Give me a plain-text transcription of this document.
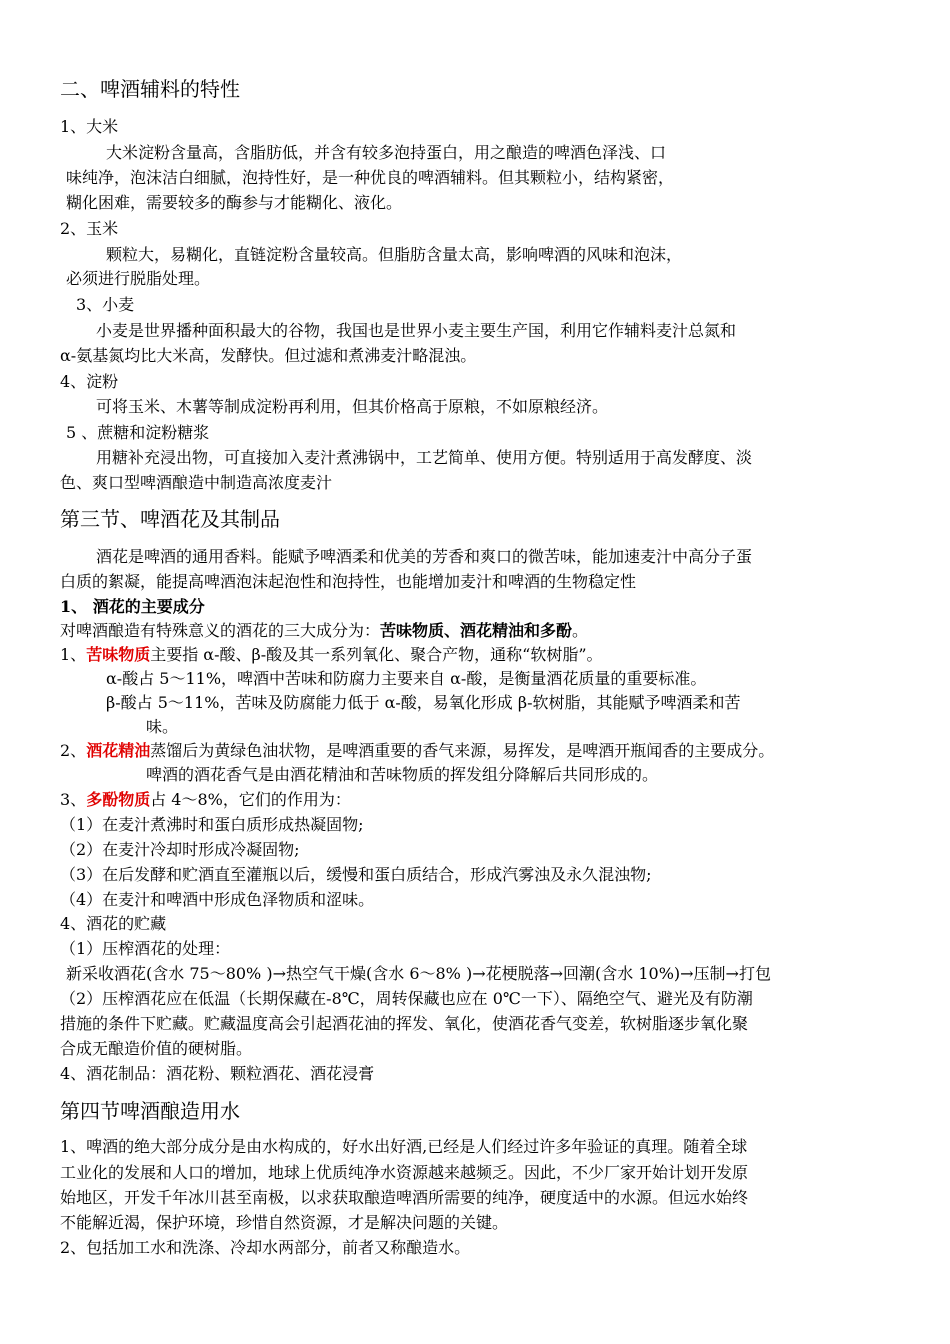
二、啤酒辅料的特性
1、大米
大米淀粉含量高，含脂肪低，并含有较多泡持蛋白，用之酿造的啤酒色泽浅、口
味纯净，泡沫洁白细腻，泡持性好，是一种优良的啤酒辅料。但其颗粒小，结构紧密，
糊化困难，需要较多的酶参与才能糊化、液化。
2、玉米
颗粒大，易糊化，直链淀粉含量较高。但脂肪含量太高，影响啤酒的风味和泡沫，
必须进行脱脂处理。
3、小麦
小麦是世界播种面积最大的谷物，我国也是世界小麦主要生产国，利用它作辅料麦汁总氮和
α-氨基氮均比大米高，发酵快。但过滤和煮沸麦汁略混浊。
4、淀粉
可将玉米、木薯等制成淀粉再利用，但其价格高于原粮，不如原粮经济。
5 、蔗糖和淀粉糖浆
用糖补充浸出物，可直接加入麦汁煮沸锅中，工艺简单、使用方便。特别适用于高发酵度、淡
色、爽口型啤酒酿造中制造高浓度麦汁
第三节、啤酒花及其制品
酒花是啤酒的通用香料。能赋予啤酒柔和优美的芳香和爽口的微苦味，能加速麦汁中高分子蛋
白质的絮凝，能提高啤酒泡沫起泡性和泡持性，也能增加麦汁和啤酒的生物稳定性
1、 酒花的主要成分
对啤酒酿造有特殊意义的酒花的三大成分为：苦味物质、酒花精油和多酚。
1、苦味物质主要指 α-酸、β-酸及其一系列氧化、聚合产物，通称“软树脂”。
α-酸占 5～11%，啤酒中苦味和防腐力主要来自 α-酸，是衡量酒花质量的重要标准。
β-酸占 5～11%，苦味及防腐能力低于 α-酸，易氧化形成 β-软树脂，其能赋予啤酒柔和苦
味。
2、酒花精油蒸馏后为黄绿色油状物，是啤酒重要的香气来源，易挥发，是啤酒开瓶闻香的主要成分。
啤酒的酒花香气是由酒花精油和苦味物质的挥发组分降解后共同形成的。
3、多酚物质占 4～8%，它们的作用为：
（1）在麦汁煮沸时和蛋白质形成热凝固物;
（2）在麦汁冷却时形成冷凝固物;
（3）在后发酵和贮酒直至灌瓶以后，缓慢和蛋白质结合，形成汽雾浊及永久混浊物;
（4）在麦汁和啤酒中形成色泽物质和涩味。
4、酒花的贮藏
（1）压榨酒花的处理：
新采收酒花(含水 75～80% )→热空气干燥(含水 6～8% )→花梗脱落→回潮(含水 10%)→压制→打包
（2）压榨酒花应在低温（长期保藏在-8℃，周转保藏也应在 0℃一下）、隔绝空气、避光及有防潮
措施的条件下贮藏。贮藏温度高会引起酒花油的挥发、氧化，使酒花香气变差，软树脂逐步氧化聚
合成无酿造价值的硬树脂。
4、酒花制品：酒花粉、颗粒酒花、酒花浸膏
第四节啤酒酿造用水
1、啤酒的绝大部分成分是由水构成的，好水出好酒,已经是人们经过许多年验证的真理。随着全球
工业化的发展和人口的增加，地球上优质纯净水资源越来越频乏。因此，不少厂家开始计划开发原
始地区，开发千年冰川甚至南极，以求获取酿造啤酒所需要的纯净，硬度适中的水源。但远水始终
不能解近渴，保护环境，珍惜自然资源，才是解决问题的关键。
2、包括加工水和洗涤、冷却水两部分，前者又称酿造水。
